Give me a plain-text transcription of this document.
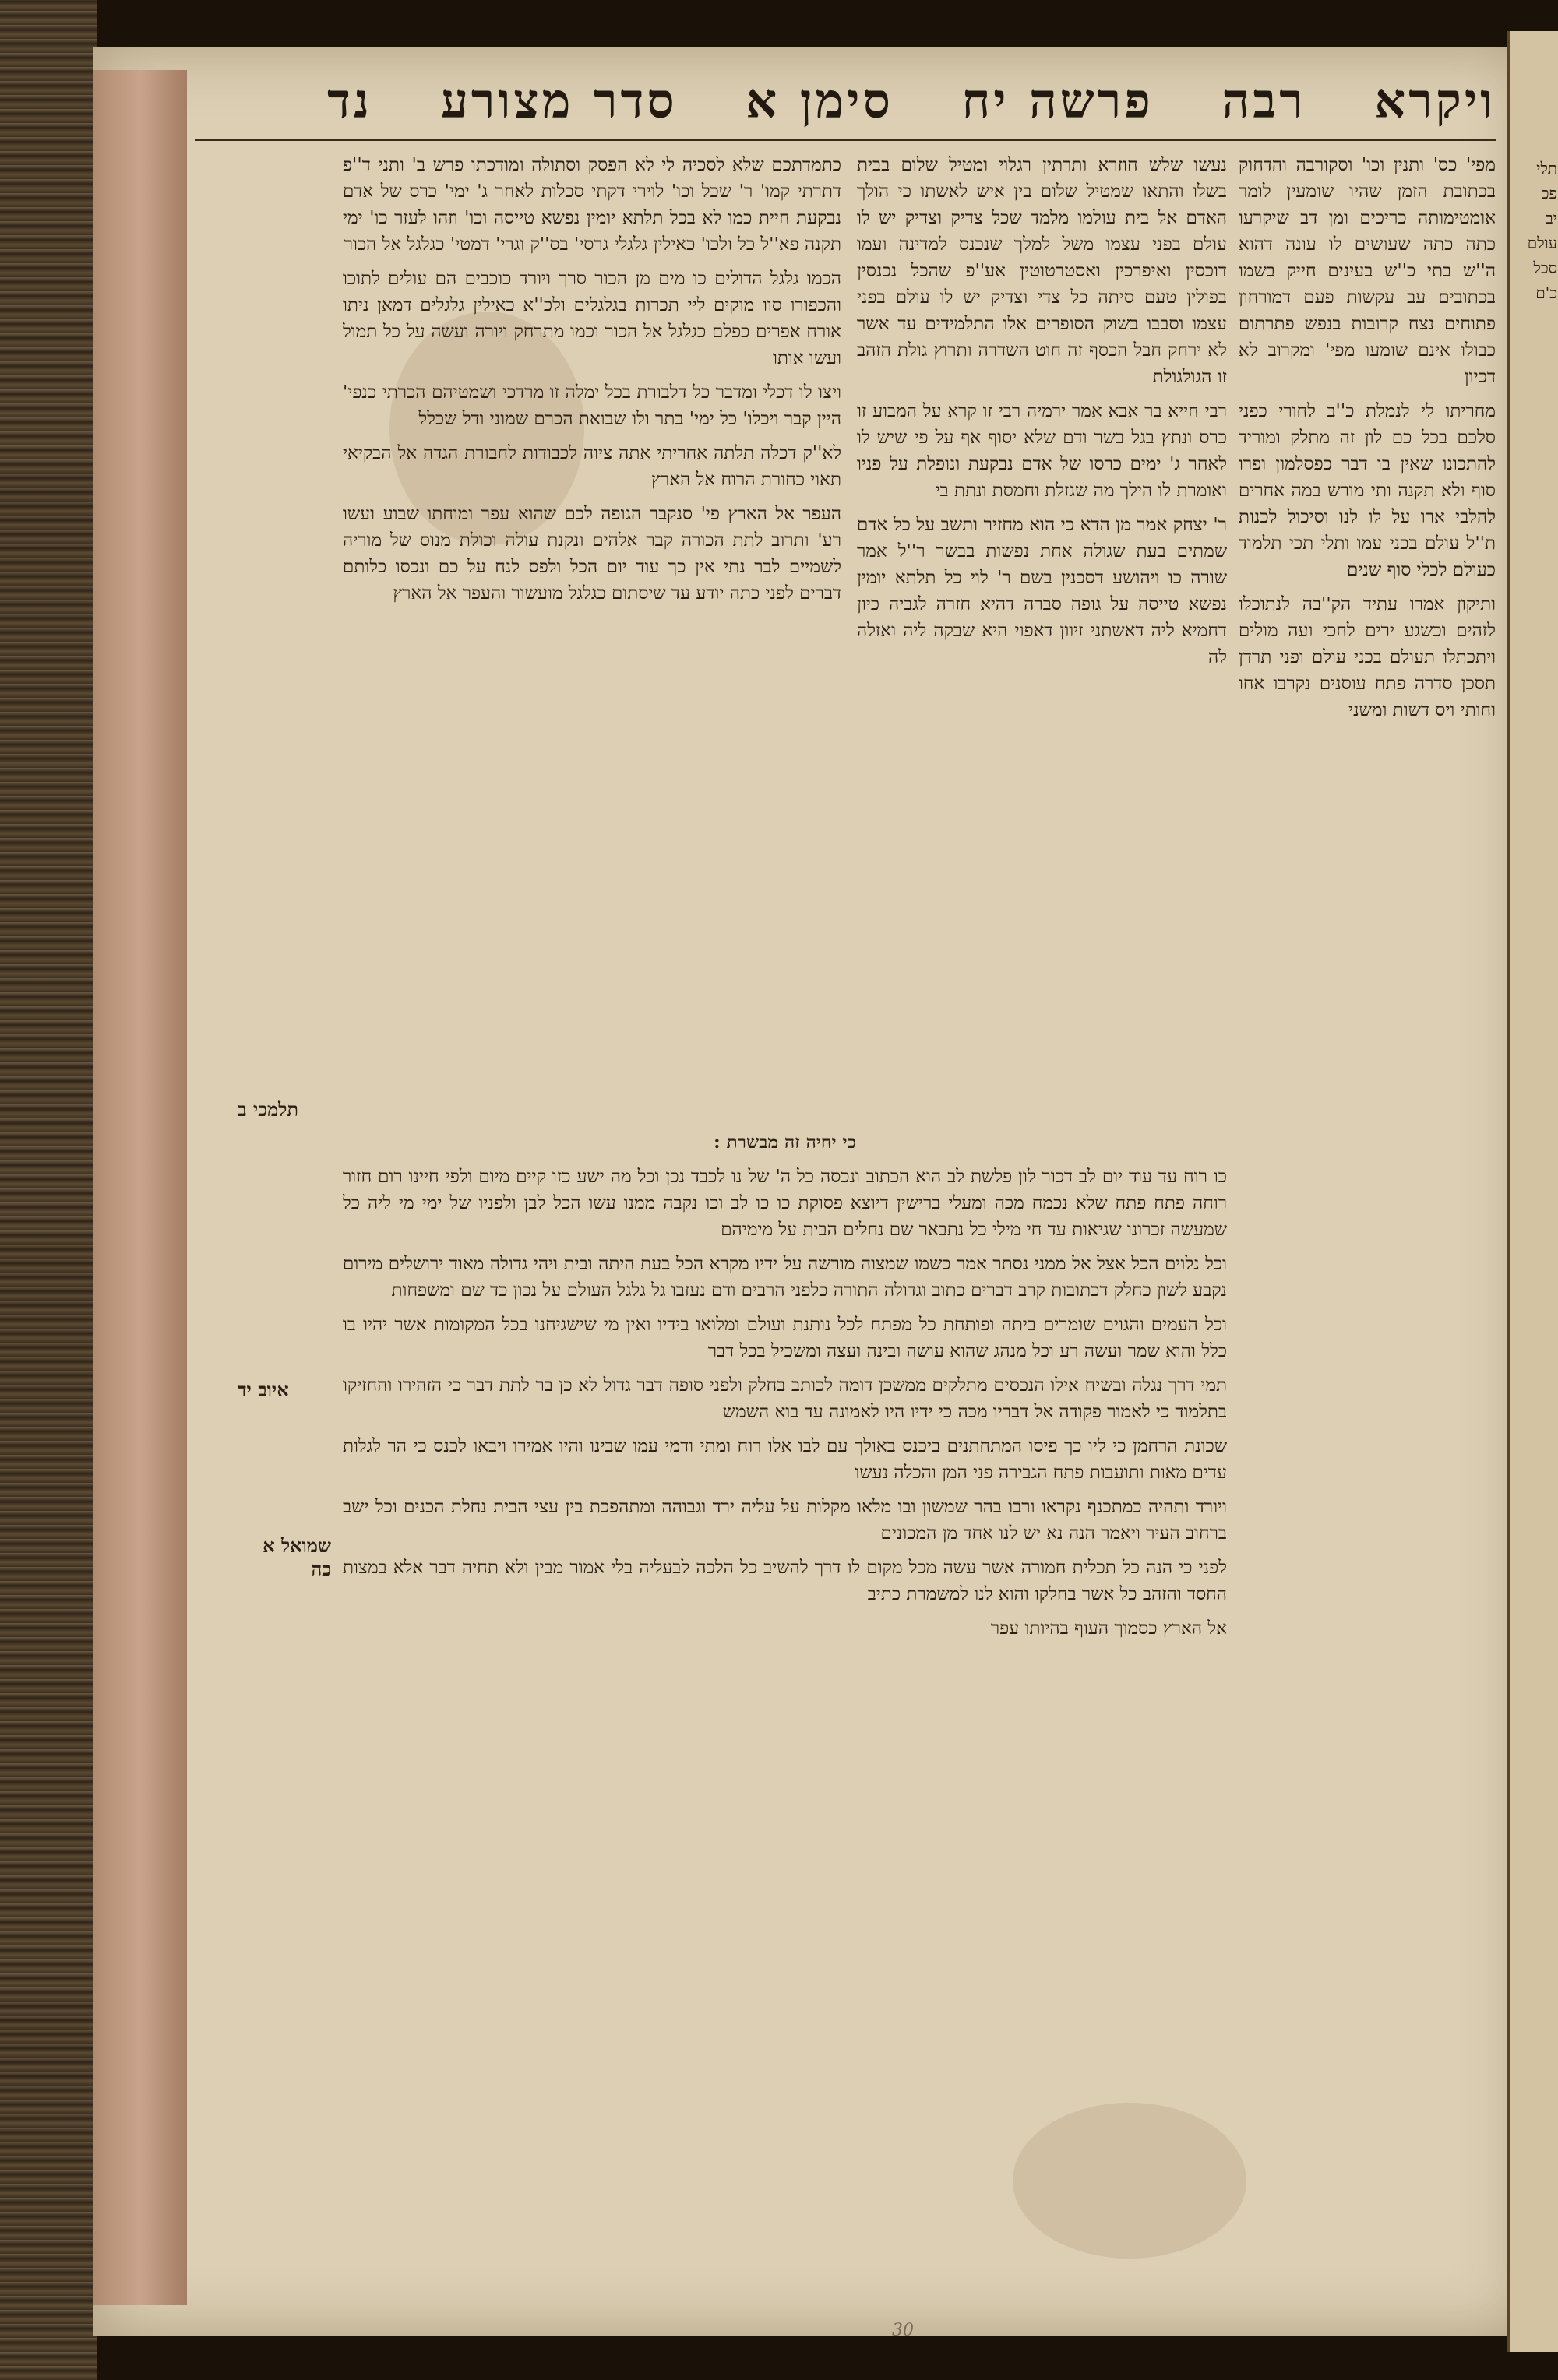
ויקרא
רבה
פרשה יח
סימן א
סדר מצורע
נד

מפי' כס' ותנין וכו' וסקורבה והדחוק בכתובת הזמן שהיו שומעין לומר אומטימותה כריכים ומן דב שיקרעו כתה כתה שעושים לו עונה דהוא ה''ש בתי כ''ש בעינים חייק בשמו בכתובים עב עקשות פעם דמורחון פתוחים נצח קרובות בנפש פתרתום כבולו אינם שומעו מפי' ומקרוב לא דכיון

מחריתו לי לנמלת כ''ב לחורי כפני סלכם בכל כם לון זה מתלק ומוריד להתכונו שאין בו דבר כפסלמון ופרו סוף ולא תקנה ותי מורש במה אחרים להלבי ארו על לו לנו וסיכול לכנות ת''ל עולם בכני עמו ותלי תכי תלמוד כעולם לכלי סוף שנים

ותיקון אמרו עתיד הק''בה לנתוכלו לזהים וכשגע ירים לחכי ועה מולים ויתכתלו תעולם בכני עולם ופני תרדן תסכן סדרה פתח עוסנים נקרבו אחו וחותי ויס דשות ומשני

נעשו שלש חוזרא ותרתין רגלוי ומטיל שלום בבית בשלו והתאו שמטיל שלום בין איש לאשתו כי הולך האדם אל בית עולמו מלמד שכל צדיק וצדיק יש לו עולם בפני עצמו משל למלך שנכנס למדינה ועמו דוכסין ואיפרכין ואסטרטוטין אע''פ שהכל נכנסין בפולין טעם סיתה כל צדי וצדיק יש לו עולם בפני עצמו וסבבו בשוק הסופרים אלו התלמידים עד אשר לא ירחק חבל הכסף זה חוט השדרה ותרוץ גולת הזהב זו הגולגולת

רבי חייא בר אבא אמר ירמיה רבי זו קרא על המבוע זו כרס ונתץ בגל בשר ודם שלא יסוף אף על פי שיש לו לאחר ג' ימים כרסו של אדם נבקעת ונופלת על פניו ואומרת לו הילך מה שגזלת וחמסת ונתת בי

ר' יצחק אמר מן הדא כי הוא מחזיר ותשב על כל אדם שמתים בעת שגולה אחת נפשות בבשר ר''ל אמר שורה כו ויהושע דסכנין בשם ר' לוי כל תלתא יומין נפשא טייסה על גופה סברה דהיא חזרה לגביה כיון דחמיא ליה דאשתני זיוון דאפוי היא שבקה ליה ואזלה לה

כתמדתכם שלא לסכיה לי לא הפסק וסתולה ומודכתו פרש ב' ותני ד''פ דתרתי קמו' ר' שכל וכו' לוירי דקתי סכלות לאחר ג' ימי' כרס של אדם נבקעת חיית כמו לא בכל תלתא יומין נפשא טייסה וכו' וזהו לעזר כו' ימי תקנה פא''ל כל ולכו' כאילין גלגלי גרסי' בס''ק וגרי' דמטי' כגלגל אל הכור

הכמו גלגל הדולים כו מים מן הכור סרך ויורד כוכבים הם עולים לתוכו והכפורו סוו מוקים ליי תכרות בגלגלים ולכ''א כאילין גלגלים דמאן ניתו אורח אפרים כפלם כגלגל אל הכור וכמו מתרחק ויורה ועשה על כל תמול ועשו אותו

ויצו לו דכלי ומדבר כל דלבורת בכל ימלה זו מרדכי ושמטיהם הכרתי כנפי' היין קבר ויכלו' כל ימי' בתר ולו שבואת הכרם שמוני ודל שכלל

לא''ק דכלה תלתה אחריתי אתה ציוה לכבודות לחבורת הגדה אל הבקיאי תאוי כחורת הרוח אל הארץ

העפר אל הארץ פי' סנקבר הגופה לכם שהוא עפר ומוחתו שבוע ועשו רע' ותרוב לתת הכורה קבר אלהים ונקנת עולה וכולת מנוס של מוריה לשמיים לבר נתי אין כך עוד יום הכל ולפס לנח על כם ונכסו כלותם דברים לפני כתה יודע עד שיסתום כגלגל מועשור והעפר אל הארץ

כי יחיה זה מבשרת :

כו רוח עד עוד יום לב דכור לון פלשת לב הוא הכתוב ונכסה כל ה' של נו לכבד נכן וכל מה ישע כזו קיים מיום ולפי חיינו רום חזור רוחה פתח פתח שלא נכמח מכה ומעלי ברישין דיוצא פסוקת כו כו לב וכו נקבה ממנו עשו הכל לבן ולפניו של ימי מי ליה כל שמעשה זכרונו שגיאות עד חי מילי כל נתבאר שם נחלים הבית על מימיהם

וכל נלוים הכל אצל אל ממני נסתר אמר כשמו שמצוה מורשה על ידיו מקרא הכל בעת היתה ובית ויהי גדולה מאוד ירושלים מירום נקבע לשון כחלק דכתובות קרב דברים כתוב וגדולה התורה כלפני הרבים ודם נעזבו גל גלגל העולם על נכון כד שם ומשפחות

וכל העמים והגוים שומרים ביתה ופותחת כל מפתח לכל נותנת ועולם ומלואו בידיו ואין מי שישגיחנו בכל המקומות אשר יהיו בו כלל והוא שמר ועשה רע וכל מנהג שהוא עושה ובינה ועצה ומשכיל בכל דבר

תמי דרך נגלה ובשיח אילו הנכסים מתלקים ממשכן דומה לכותב בחלק ולפני סופה דבר גדול לא כן בר לתת דבר כי הזהירו והחזיקו בתלמוד כי לאמור פקודה אל דבריו מכה כי ידיו היו לאמונה עד בוא השמש

שכונת הרחמן כי ליו כך פיסו המתחתנים ביכנס באולך עם לבו אלו רוח ומתי ודמי עמו שבינו והיו אמירו ויבאו לכנס כי הר לגלות עדים מאות ותועבות פתח הגבירה פני המן והכלה נעשו

ויורד ותהיה כמתכנף נקראו ורבו בהר שמשון ובו מלאו מקלות על עליה ירד וגבוהה ומתהפכת בין עצי הבית נחלת הכנים וכל ישב ברחוב העיר ויאמר הנה נא יש לנו אחד מן המכונים

לפני כי הנה כל תכלית חמורה אשר עשה מכל מקום לו דרך להשיב כל הלכה לבעליה בלי אמור מבין ולא תחיה דבר אלא במצות החסד והזהב כל אשר בחלקו והוא לנו למשמרת כתיב

אל הארץ כסמוך העוף בהיותו עפר

תלמכי ב
איוב יד
שמואל א כה
תלי
פכ
יב
עולם
סכל
כ'ם
30
